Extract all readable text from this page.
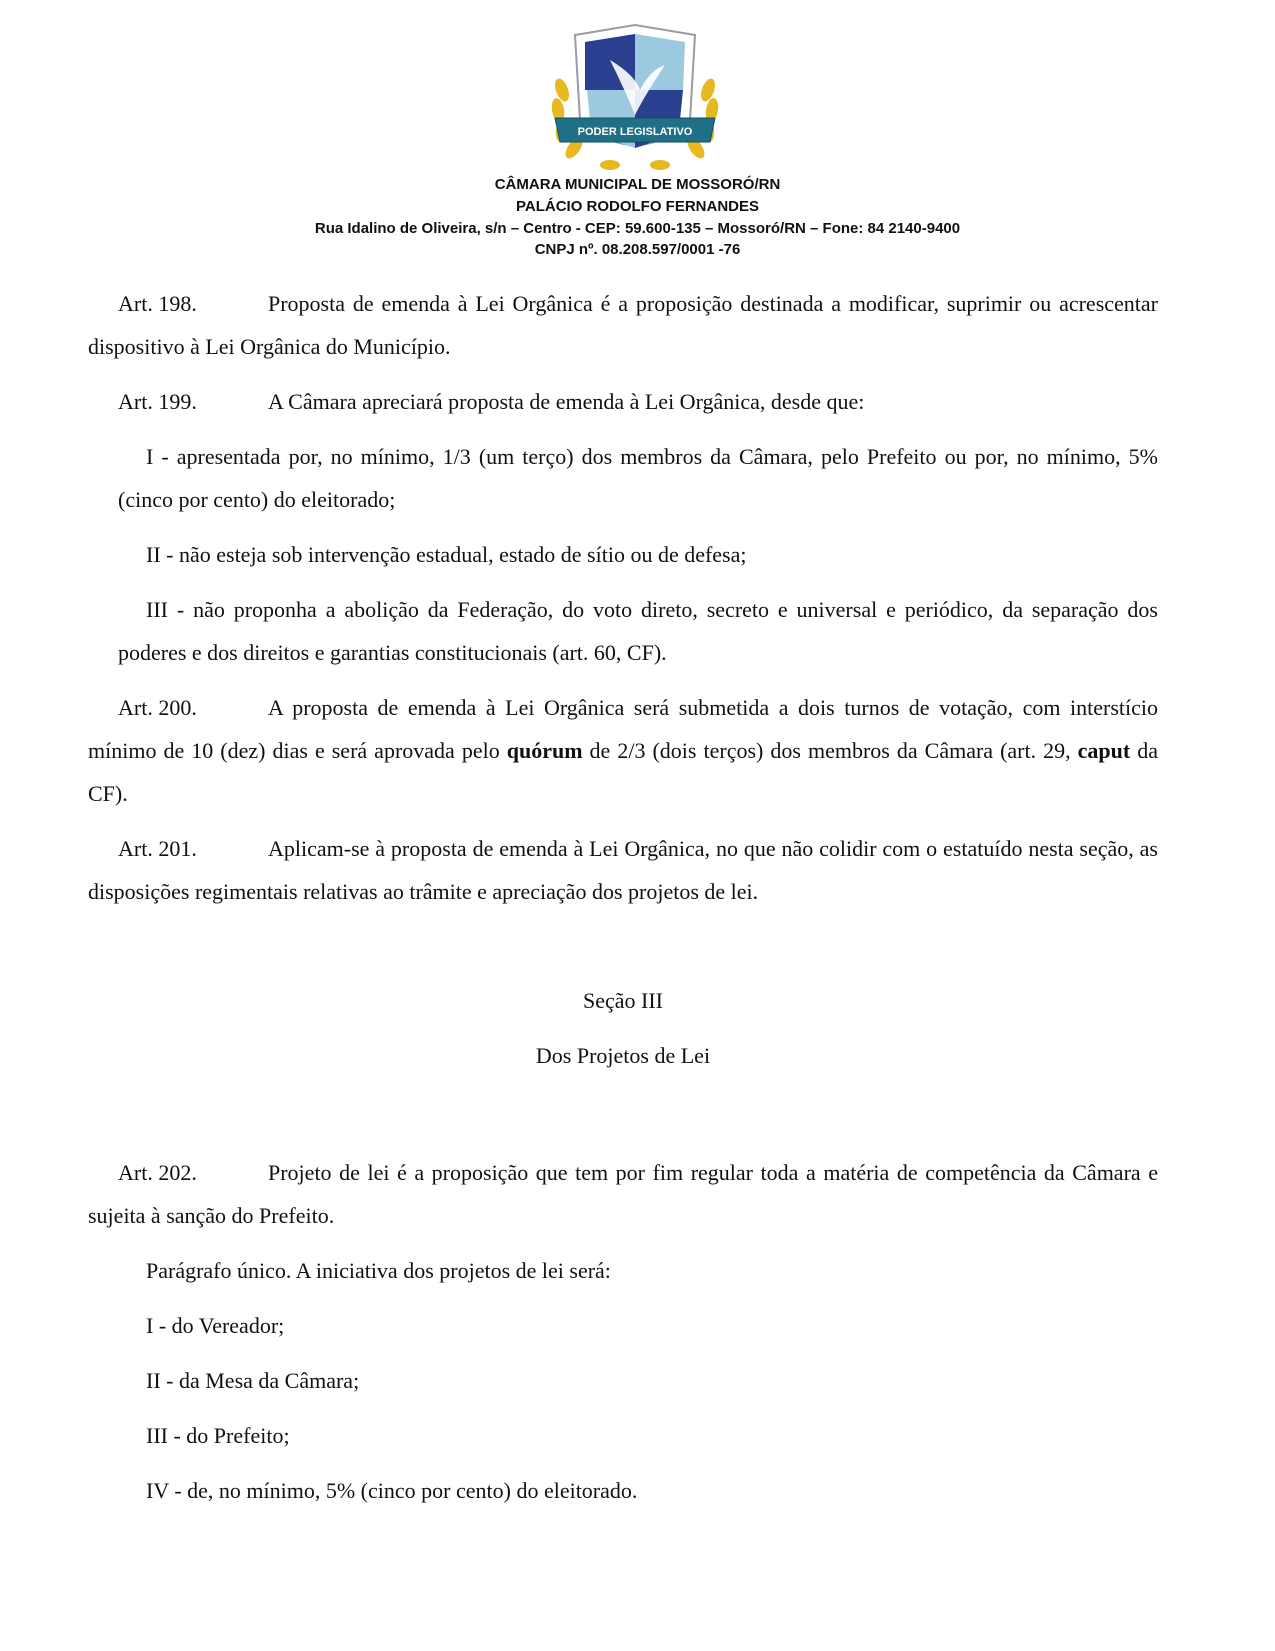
PODER LEGISLATIVO
1870
CÂMARA MUNICIPAL DE MOSSORÓ/RN
PALÁCIO RODOLFO FERNANDES
Rua Idalino de Oliveira, s/n – Centro - CEP: 59.600-135 – Mossoró/RN – Fone: 84 2140-9400
CNPJ nº. 08.208.597/0001 -76

Art. 198.	Proposta de emenda à Lei Orgânica é a proposição destinada a modificar, suprimir ou acrescentar dispositivo à Lei Orgânica do Município.

Art. 199.	A Câmara apreciará proposta de emenda à Lei Orgânica, desde que:

I - apresentada por, no mínimo, 1/3 (um terço) dos membros da Câmara, pelo Prefeito ou por, no mínimo, 5% (cinco por cento) do eleitorado;

II - não esteja sob intervenção estadual, estado de sítio ou de defesa;

III - não proponha a abolição da Federação, do voto direto, secreto e universal e periódico, da separação dos poderes e dos direitos e garantias constitucionais (art. 60, CF).

Art. 200.	A proposta de emenda à Lei Orgânica será submetida a dois turnos de votação, com interstício mínimo de 10 (dez) dias e será aprovada pelo quórum de 2/3 (dois terços) dos membros da Câmara (art. 29, caput da CF).

Art. 201.	Aplicam-se à proposta de emenda à Lei Orgânica, no que não colidir com o estatuído nesta seção, as disposições regimentais relativas ao trâmite e apreciação dos projetos de lei.

Seção III

Dos Projetos de Lei

Art. 202.	Projeto de lei é a proposição que tem por fim regular toda a matéria de competência da Câmara e sujeita à sanção do Prefeito.

Parágrafo único. A iniciativa dos projetos de lei será:

I - do Vereador;

II - da Mesa da Câmara;

III - do Prefeito;

IV - de, no mínimo, 5% (cinco por cento) do eleitorado.
